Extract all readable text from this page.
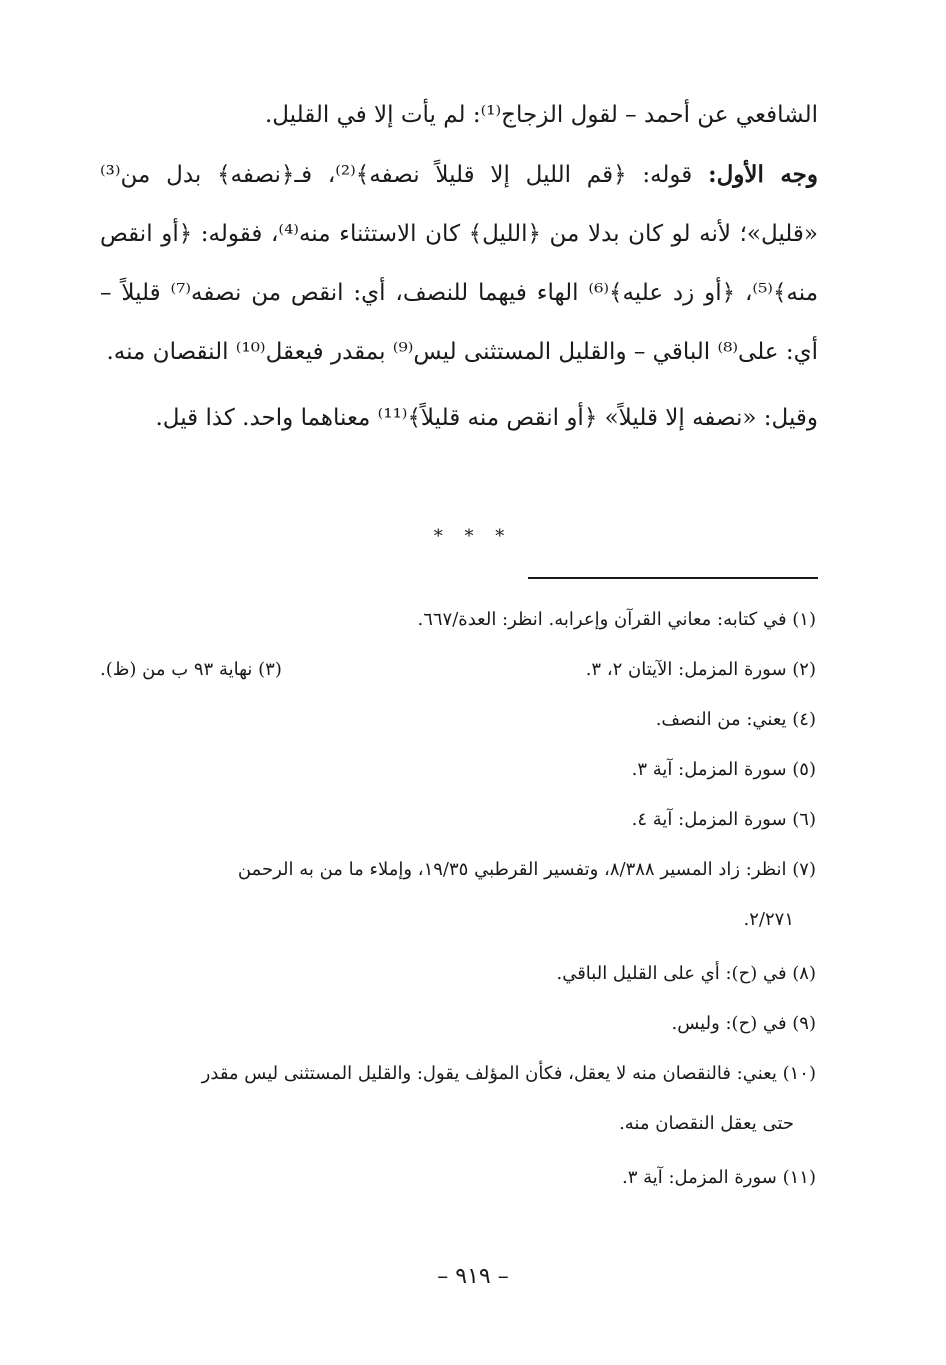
الشافعي عن أحمد – لقول الزجاج⁽¹⁾: لم يأت إلا في القليل.

وجه الأول: قوله: ﴿قم الليل إلا قليلاً نصفه﴾⁽²⁾، فـ﴿نصفه﴾ بدل من⁽³⁾ «قليل»؛ لأنه لو كان بدلا من ﴿الليل﴾ كان الاستثناء منه⁽⁴⁾، فقوله: ﴿أو انقص منه﴾⁽⁵⁾، ﴿أو زد عليه﴾⁽⁶⁾ الهاء فيهما للنصف، أي: انقص من نصفه⁽⁷⁾ قليلاً – أي: على⁽⁸⁾ الباقي – والقليل المستثنى ليس⁽⁹⁾ بمقدر فيعقل⁽¹⁰⁾ النقصان منه.

وقيل: «نصفه إلا قليلاً» ﴿أو انقص منه قليلاً﴾⁽¹¹⁾ معناهما واحد. كذا قيل.

* * *
(١) في كتابه: معاني القرآن وإعرابه. انظر: العدة/٦٦٧.
(٢) سورة المزمل: الآيتان ٢، ٣.
(٣) نهاية ٩٣ ب من (ظ).
(٤) يعني: من النصف.
(٥) سورة المزمل: آية ٣.
(٦) سورة المزمل: آية ٤.
(٧) انظر: زاد المسير ٨/٣٨٨، وتفسير القرطبي ١٩/٣٥، وإملاء ما من به الرحمن
٢/٢٧١.
(٨) في (ح): أي على القليل الباقي.
(٩) في (ح): وليس.
(١٠) يعني: فالنقصان منه لا يعقل، فكأن المؤلف يقول: والقليل المستثنى ليس مقدر
حتى يعقل النقصان منه.
(١١) سورة المزمل: آية ٣.
– ٩١٩ –
